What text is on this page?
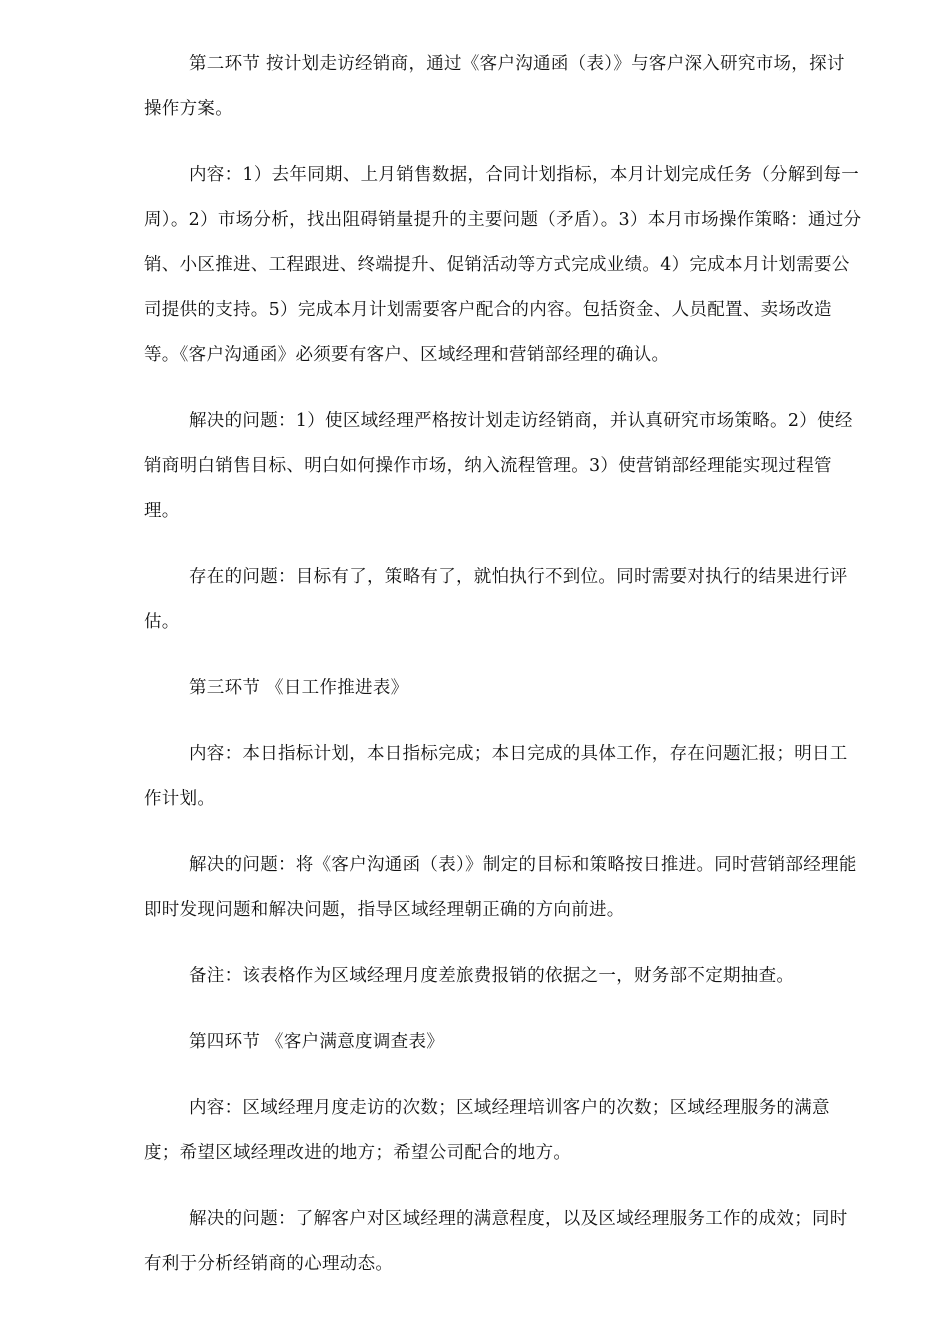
第二环节 按计划走访经销商，通过《客户沟通函（表）》与客户深入研究市场，探讨操作方案。

内容：1）去年同期、上月销售数据，合同计划指标，本月计划完成任务（分解到每一周）。2）市场分析，找出阻碍销量提升的主要问题（矛盾）。3）本月市场操作策略：通过分销、小区推进、工程跟进、终端提升、促销活动等方式完成业绩。4）完成本月计划需要公司提供的支持。5）完成本月计划需要客户配合的内容。包括资金、人员配置、卖场改造等。《客户沟通函》必须要有客户、区域经理和营销部经理的确认。

解决的问题：1）使区域经理严格按计划走访经销商，并认真研究市场策略。2）使经销商明白销售目标、明白如何操作市场，纳入流程管理。3）使营销部经理能实现过程管理。

存在的问题：目标有了，策略有了，就怕执行不到位。同时需要对执行的结果进行评估。

第三环节 《日工作推进表》

内容：本日指标计划，本日指标完成；本日完成的具体工作，存在问题汇报；明日工作计划。

解决的问题：将《客户沟通函（表）》制定的目标和策略按日推进。同时营销部经理能即时发现问题和解决问题，指导区域经理朝正确的方向前进。

备注：该表格作为区域经理月度差旅费报销的依据之一，财务部不定期抽查。

第四环节 《客户满意度调查表》

内容：区域经理月度走访的次数；区域经理培训客户的次数；区域经理服务的满意度；希望区域经理改进的地方；希望公司配合的地方。

解决的问题：了解客户对区域经理的满意程度，以及区域经理服务工作的成效；同时有利于分析经销商的心理动态。
